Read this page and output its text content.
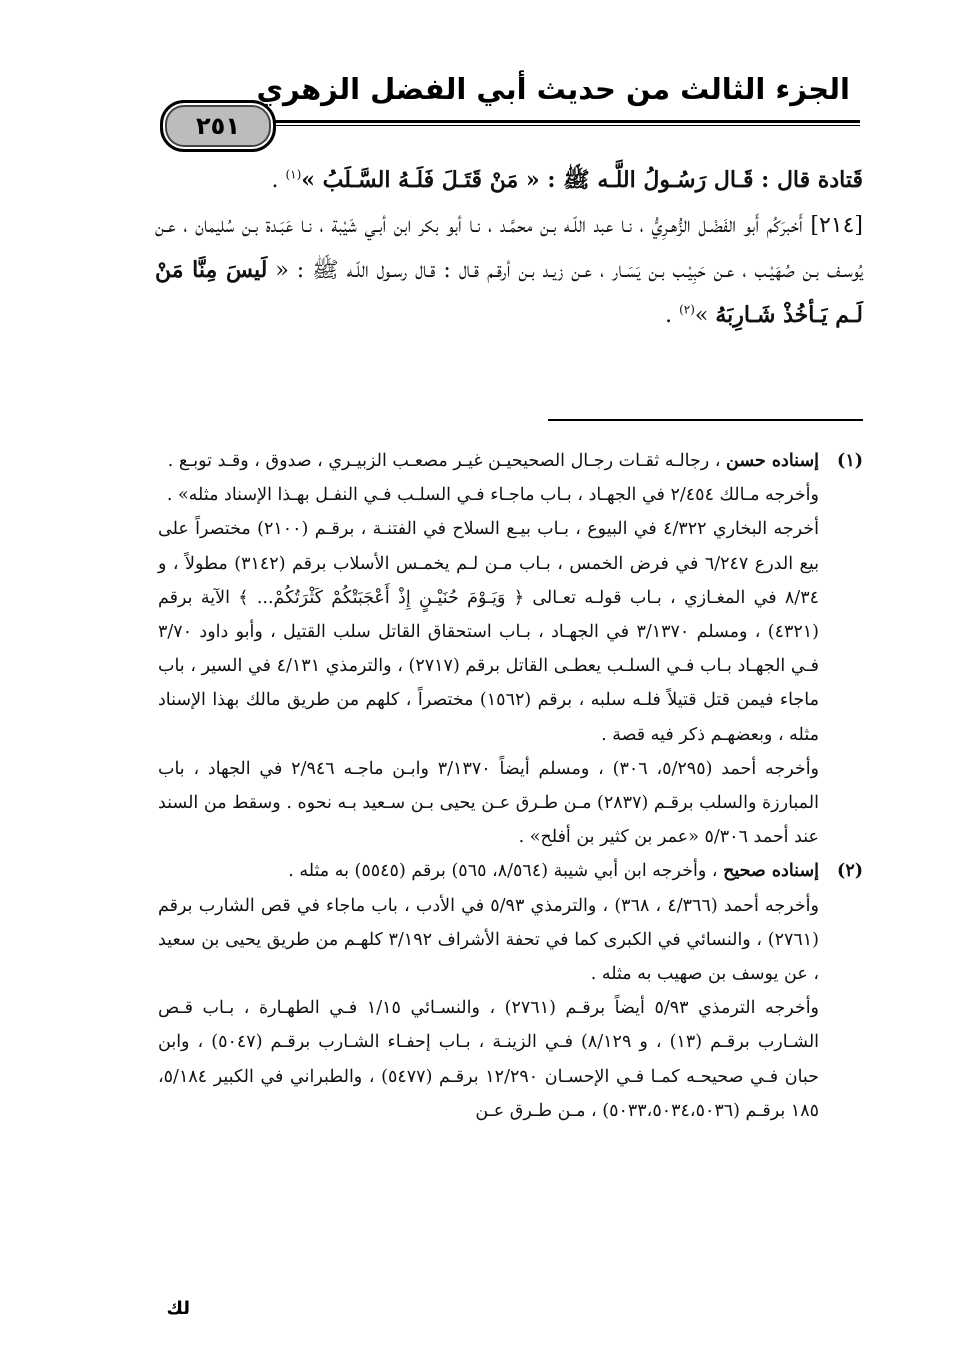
الجزء الثالث من حديث أبي الفضل الزهري
٢٥١

قَتادة قال : قَـال رَسُـولُ اللَّـه ﷺ : « مَنْ قَتَـلَ فَلَـهُ السَّـلَبُ »$^{(١)}$ .

[٢١٤] أَخبرَكُم أَبو الفَضْـل الزُّهـرِيُّ ، نـا عبد اللّـه بـن محمَّـد ، نـا أبو بكر ابن أبـي شَيْبة ، نـا عَبَـدة بـن سُليمان ، عـن يُوسـف بـن صُهَيْـب ، عـن حَبِيْـب بـن يَسَـار ، عـن زيـد بـن أرقـم قـال : قـال رسـول اللّـه ﷺ : « لَيسَ مِنَّا مَنْ لَـم يَـأخُذْ شَـارِبَهُ »$^{(٢)}$ .

(١)
إسناده حسن ، رجالـه ثقـات رجـال الصحيحيـن غيـر مصعـب الزبيـري ، صدوق ، وقـد توبـع .
وأخرجه مـالك ٢/٤٥٤ في الجهـاد ، بـاب ماجـاء فـي السلـب فـي النفـل بهـذا الإسناد مثله» .
أخرجه البخاري ٤/٣٢٢ في البيوع ، بـاب بيـع السلاح في الفتنـة ، برقـم (٢١٠٠) مختصراً على بيع الدرع ٦/٢٤٧ في فرض الخمس ، بـاب مـن لـم يخمـس الأسلاب برقم (٣١٤٢) مطولاً ، و ٨/٣٤ في المغـازي ، بـاب قولـه تعـالى ﴿ وَيَـوْمَ حُنَيْـنٍ إِذْ أَعْجَبَتْكُمْ كَثْرَتُكُمْ... ﴾ الآية برقم (٤٣٢١) ، ومسلم ٣/١٣٧٠ في الجهـاد ، بـاب استحقاق القاتل سلب القتيل ، وأبو داود ٣/٧٠ فـي الجهـاد بـاب فـي السلـب يعطـى القاتل برقم (٢٧١٧) ، والترمذي ٤/١٣١ في السير ، باب ماجاء فيمن قتل قتيلاً فلـه سلبه ، برقم (١٥٦٢) مختصراً ، كلهم من طريق مالك بهذا الإسناد مثله ، وبعضهـم ذكر فيه قصة .
وأخرجه أحمد (٥/٢٩٥، ٣٠٦) ، ومسلم أيضاً ٣/١٣٧٠ وابـن ماجـه ٢/٩٤٦ في الجهاد ، باب المبارزة والسلب برقـم (٢٨٣٧) مـن طـرق عـن يحيى بـن سـعيد بـه نحوه . وسقط من السند عند أحمد ٥/٣٠٦ «عمر بن كثير بن أفلح» .
(٢)
إسناده صحيح ، وأخرجه ابن أبي شيبة (٨/٥٦٤، ٥٦٥) برقم (٥٥٤٥) به مثله .
وأخرجه أحمد (٤/٣٦٦ ، ٣٦٨) ، والترمذي ٥/٩٣ في الأدب ، باب ماجاء في قص الشارب برقم (٢٧٦١) ، والنسائي في الكبرى كما في تحفة الأشراف ٣/١٩٢ كلهـم من طريق يحيى بن سعيد ، عن يوسف بن صهيب به مثله .
وأخرجه الترمذي ٥/٩٣ أيضاً برقـم (٢٧٦١) ، والنسـائي ١/١٥ فـي الطهـارة ، بـاب قـص الشـارب برقـم (١٣) ، و ٨/١٢٩) فـي الزينـة ، بـاب إحفـاء الشـارب برقـم (٥٠٤٧) ، وابن حبان فـي صحيحـه كمـا فـي الإحسـان ١٢/٢٩٠ برقـم (٥٤٧٧) ، والطبراني في الكبير ٥/١٨٤، ١٨٥ برقـم (٥٠٣٣،٥٠٣٤،٥٠٣٦) ، مـن طـرق عـن
لك
